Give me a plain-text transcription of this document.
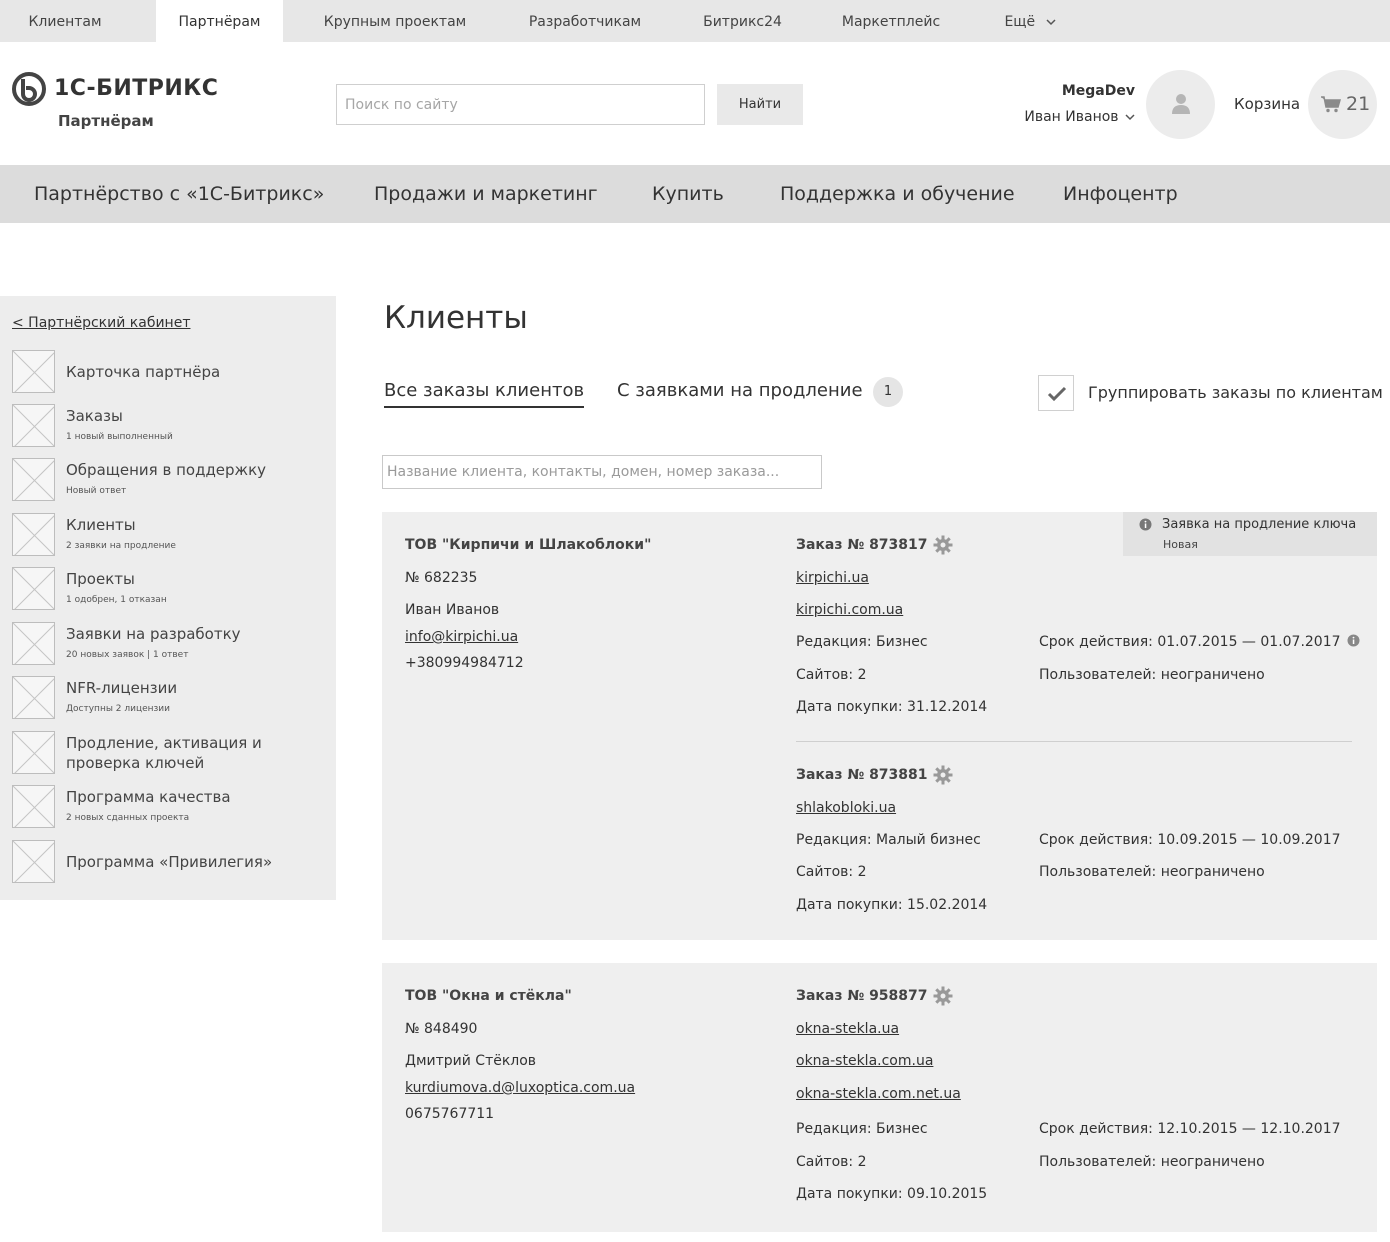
Клиентам	Партнёрам	Крупным проектам	Разработчикам	Битрикс24	Маркетплейс	Ещё
1С-БИТРИКС
Партнёрам
Поиск по сайту
Найти
MegaDev
Иван Иванов
Корзина 21
Партнёрство с «1С-Битрикс»	Продажи и маркетинг	Купить	Поддержка и обучение	Инфоцентр
< Партнёрский кабинет
Карточка партнёра
Заказы
1 новый выполненный
Обращения в поддержку
Новый ответ
Клиенты
2 заявки на продление
Проекты
1 одобрен, 1 отказан
Заявки на разработку
20 новых заявок | 1 ответ
NFR-лицензии
Доступны 2 лицензии
Продление, активация и проверка ключей
Программа качества
2 новых сданных проекта
Программа «Привилегия»
Клиенты
Все заказы клиентов С заявками на продление	1	Группировать заказы по клиентам
Название клиента, контакты, домен, номер заказа...
Заявка на продление ключа
Новая
ТОВ "Кирпичи и Шлакоблоки"
№ 682235
Иван Иванов
info@kirpichi.ua
+380994984712
Заказ № 873817
kirpichi.ua
kirpichi.com.ua
Редакция: Бизнес	Срок действия: 01.07.2015 — 01.07.2017
Сайтов: 2	Пользователей: неограничено
Дата покупки: 31.12.2014
Заказ № 873881
shlakobloki.ua
Редакция: Малый бизнес	Срок действия: 10.09.2015 — 10.09.2017
Сайтов: 2	Пользователей: неограничено
Дата покупки: 15.02.2014
ТОВ "Окна и стёкла"
№ 848490
Дмитрий Стёклов
kurdiumova.d@luxoptica.com.ua
0675767711
Заказ № 958877
okna-stekla.ua
okna-stekla.com.ua
okna-stekla.com.net.ua
Редакция: Бизнес	Срок действия: 12.10.2015 — 12.10.2017
Сайтов: 2	Пользователей: неограничено
Дата покупки: 09.10.2015
